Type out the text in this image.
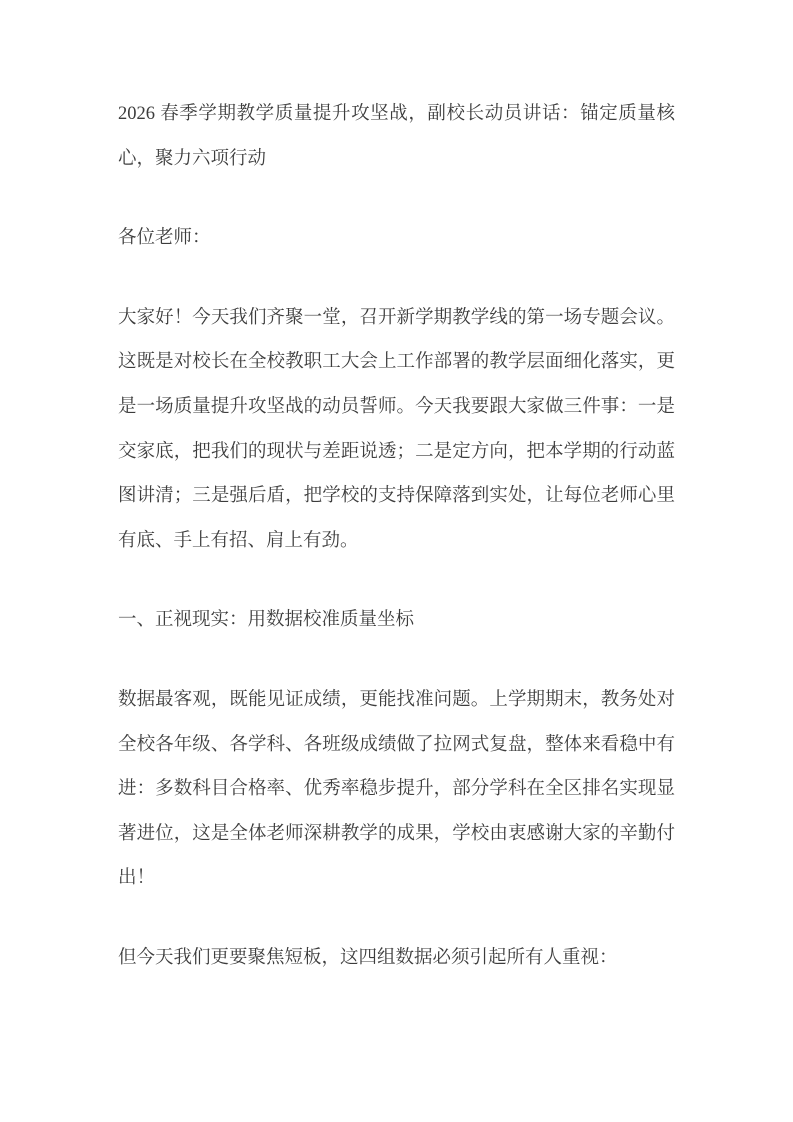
2026 春季学期教学质量提升攻坚战，副校长动员讲话：锚定质量核心，聚力六项行动

各位老师：

大家好！今天我们齐聚一堂，召开新学期教学线的第一场专题会议。这既是对校长在全校教职工大会上工作部署的教学层面细化落实，更是一场质量提升攻坚战的动员誓师。今天我要跟大家做三件事：一是交家底，把我们的现状与差距说透；二是定方向，把本学期的行动蓝图讲清；三是强后盾，把学校的支持保障落到实处，让每位老师心里有底、手上有招、肩上有劲。

一、正视现实：用数据校准质量坐标

数据最客观，既能见证成绩，更能找准问题。上学期期末，教务处对全校各年级、各学科、各班级成绩做了拉网式复盘，整体来看稳中有进：多数科目合格率、优秀率稳步提升，部分学科在全区排名实现显著进位，这是全体老师深耕教学的成果，学校由衷感谢大家的辛勤付出！

但今天我们更要聚焦短板，这四组数据必须引起所有人重视：
